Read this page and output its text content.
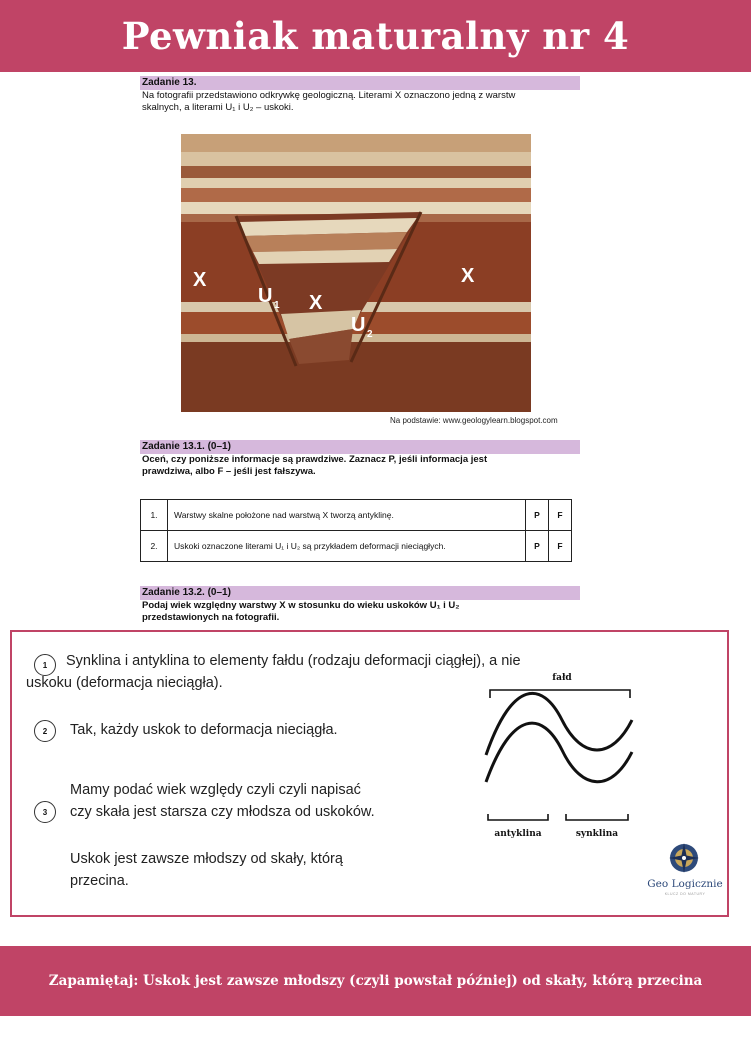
Pewniak maturalny nr 4
Zadanie 13.
Na fotografii przedstawiono odkrywkę geologiczną. Literami X oznaczono jedną z warstw
skalnych, a literami U₁ i U₂ – uskoki.
X
X
X
U 1
U 2
Na podstawie: www.geologylearn.blogspot.com
Zadanie 13.1. (0–1)
Oceń, czy poniższe informacje są prawdziwe. Zaznacz P, jeśli informacja jest
prawdziwa, albo F – jeśli jest fałszywa.
1.	Warstwy skalne położone nad warstwą X tworzą antyklinę.	P	F
2.	Uskoki oznaczone literami U₁ i U₂ są przykładem deformacji nieciągłych.	P	F
Zadanie 13.2. (0–1)
Podaj wiek względny warstwy X w stosunku do wieku uskoków U₁ i U₂
przedstawionych na fotografii.
1	Synklina i antyklina to elementy fałdu (rodzaju deformacji ciągłej), a nie
uskoku (deformacja nieciągła).
2	Tak, każdy uskok to deformacja nieciągła.
Mamy podać wiek względy czyli czyli napisać
3	czy skała jest starsza czy młodsza od uskoków.
Uskok jest zawsze młodszy od skały, którą
przecina.
fałd
antyklina	synklina
Geo Logicznie
KLUCZ DO MATURY
Zapamiętaj: Uskok jest zawsze młodszy (czyli powstał później) od skały, którą przecina
